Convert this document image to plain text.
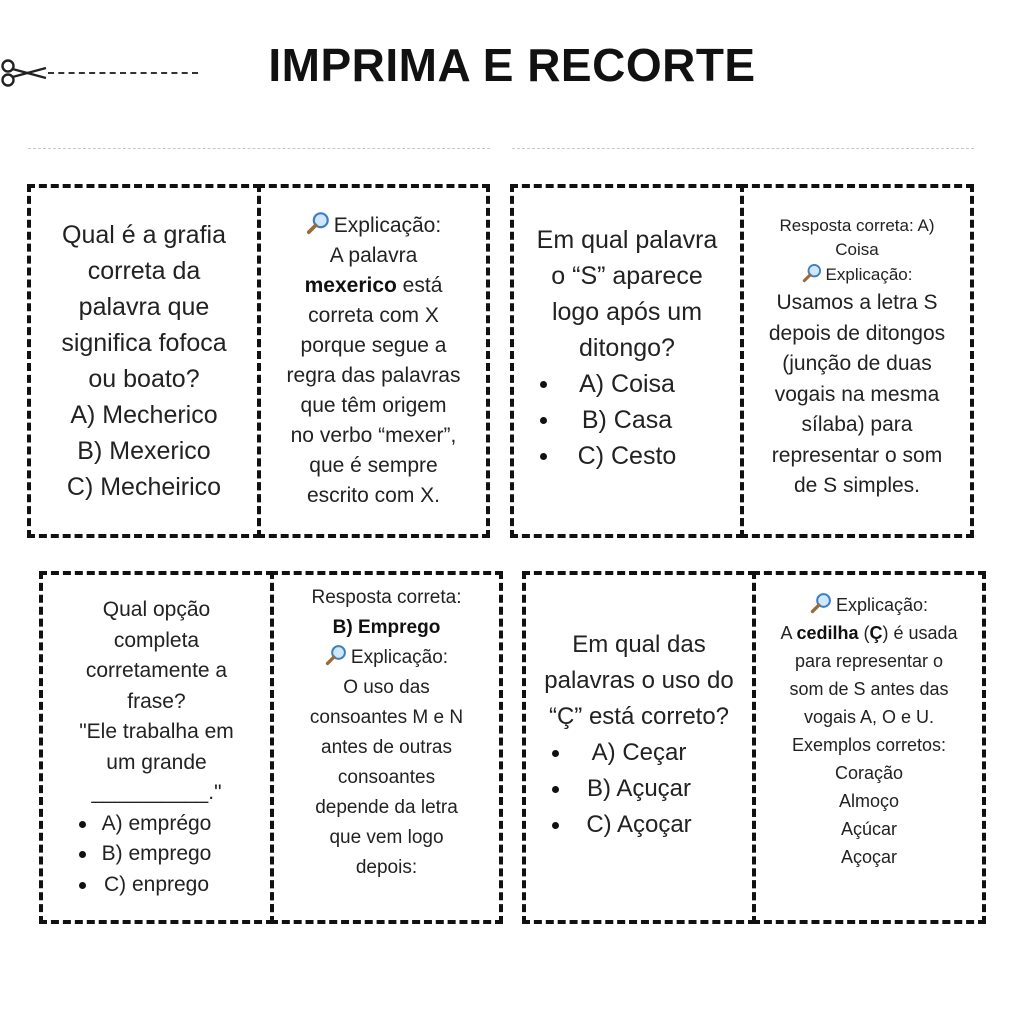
IMPRIMA E RECORTE
Qual é a grafia
correta da
palavra que
significa fofoca
ou boato?
A) Mecherico
B) Mexerico
C) Mecheirico
Explicação:
A palavra
mexerico está
correta com X
porque segue a
regra das palavras
que têm origem
no verbo “mexer”,
que é sempre
escrito com X.
Em qual palavra
o “S” aparece
logo após um
ditongo?
A) Coisa
B) Casa
C) Cesto
Resposta correta: A)
Coisa
Explicação:
Usamos a letra S
depois de ditongos
(junção de duas
vogais na mesma
sílaba) para
representar o som
de S simples.
Qual opção
completa
corretamente a
frase?
"Ele trabalha em
um grande
__________."
A) emprégo
B) emprego
C) enprego
Resposta correta:
B) Emprego
Explicação:
O uso das
consoantes M e N
antes de outras
consoantes
depende da letra
que vem logo
depois:
Em qual das
palavras o uso do
“Ç” está correto?
A) Ceçar
B) Açuçar
C) Açoçar
Explicação:
A cedilha (Ç) é usada
para representar o
som de S antes das
vogais A, O e U.
Exemplos corretos:
Coração
Almoço
Açúcar
Açoçar
